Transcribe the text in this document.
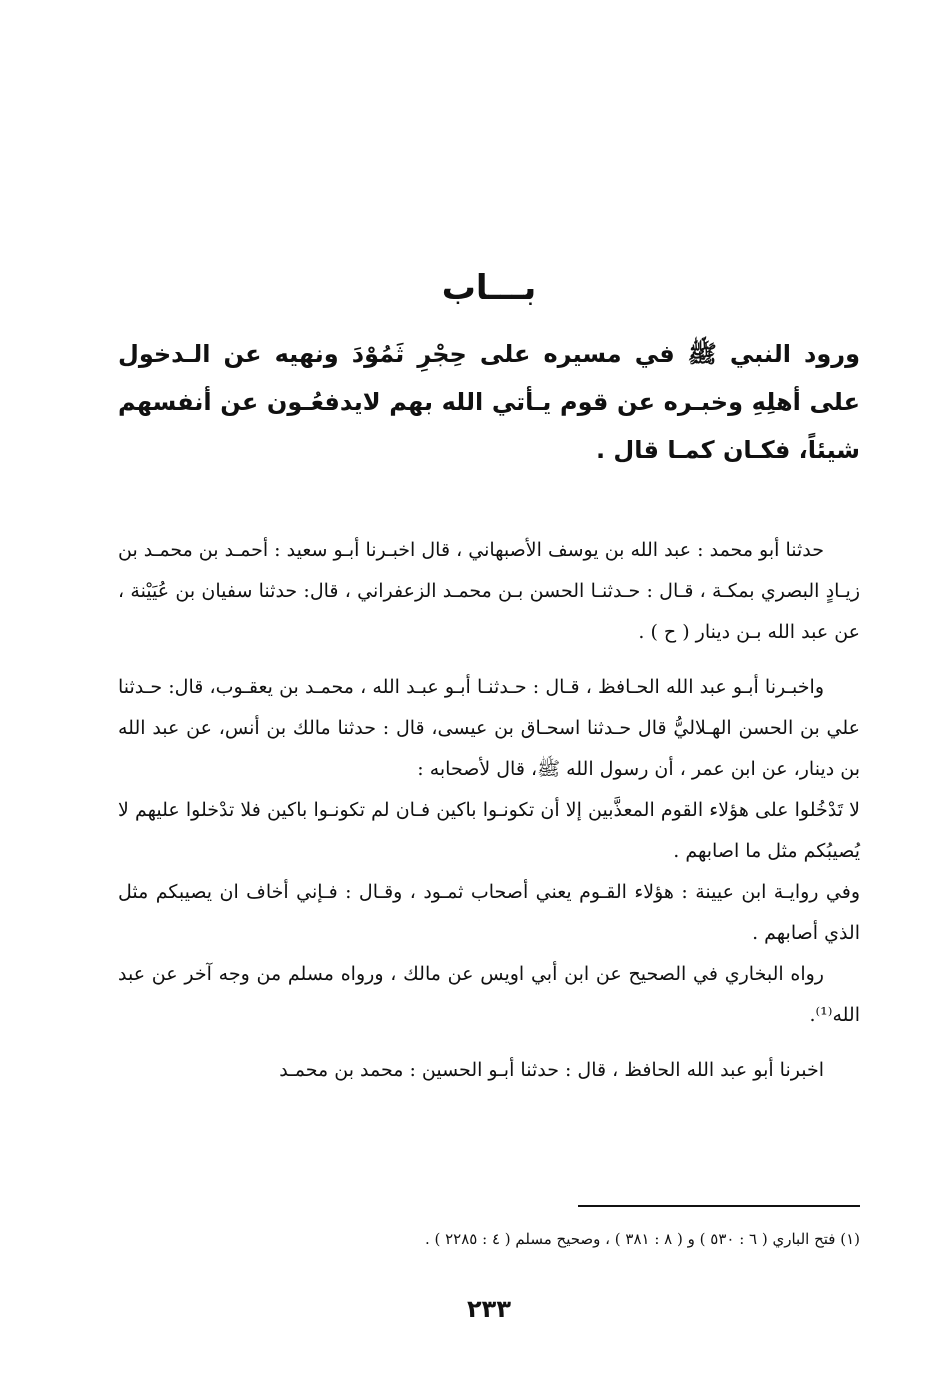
بـــاب
ورود النبي ﷺ في مسيره على حِجْرِ ثَمُوْدَ ونهيه عن الـدخول على أهلِهِ وخبـره عن قوم يـأتي الله بهم لايدفعُـون عن أنفسهم شيئاً، فكـان كمـا قال .

حدثنا أبو محمد : عبد الله بن يوسف الأصبهاني ، قال اخبـرنا أبـو سعيد : أحمـد بن محمـد بن زيـادٍ البصري بمكـة ، قـال : حـدثنـا الحسن بـن محمـد الزعفراني ، قال: حدثنا سفيان بن عُيَيْنة ، عن عبد الله بـن دينار ( ح ) .

واخبـرنا أبـو عبد الله الحـافظ ، قـال : حـدثنـا أبـو عبـد الله ، محمـد بن يعقـوب، قال: حـدثنا علي بن الحسن الهـلاليُّ قال حـدثنا اسحـاق بن عيسى، قال : حدثنا مالك بن أنس، عن عبد الله بن دينار، عن ابن عمر ، أن رسول الله ﷺ، قال لأصحابه :

لا تَدْخُلوا على هؤلاء القوم المعذَّبين إلا أن تكونـوا باكين فـان لم تكونـوا باكين فلا تدْخلوا عليهم لا يُصيبُكم مثل ما اصابهم .

وفي روايـة ابن عيينة : هؤلاء القـوم يعني أصحاب ثمـود ، وقـال : فـإني أخاف ان يصيبكم مثل الذي أصابهم .

رواه البخاري في الصحيح عن ابن أبي اويس عن مالك ، ورواه مسلم من وجه آخر عن عبد الله⁽¹⁾.

اخبرنا أبو عبد الله الحافظ ، قال : حدثنا أبـو الحسين : محمد بن محمـد

(١) فتح الباري ( ٦ : ٥٣٠ ) و ( ٨ : ٣٨١ ) ، وصحيح مسلم ( ٤ : ٢٢٨٥ ) .
٢٣٣
